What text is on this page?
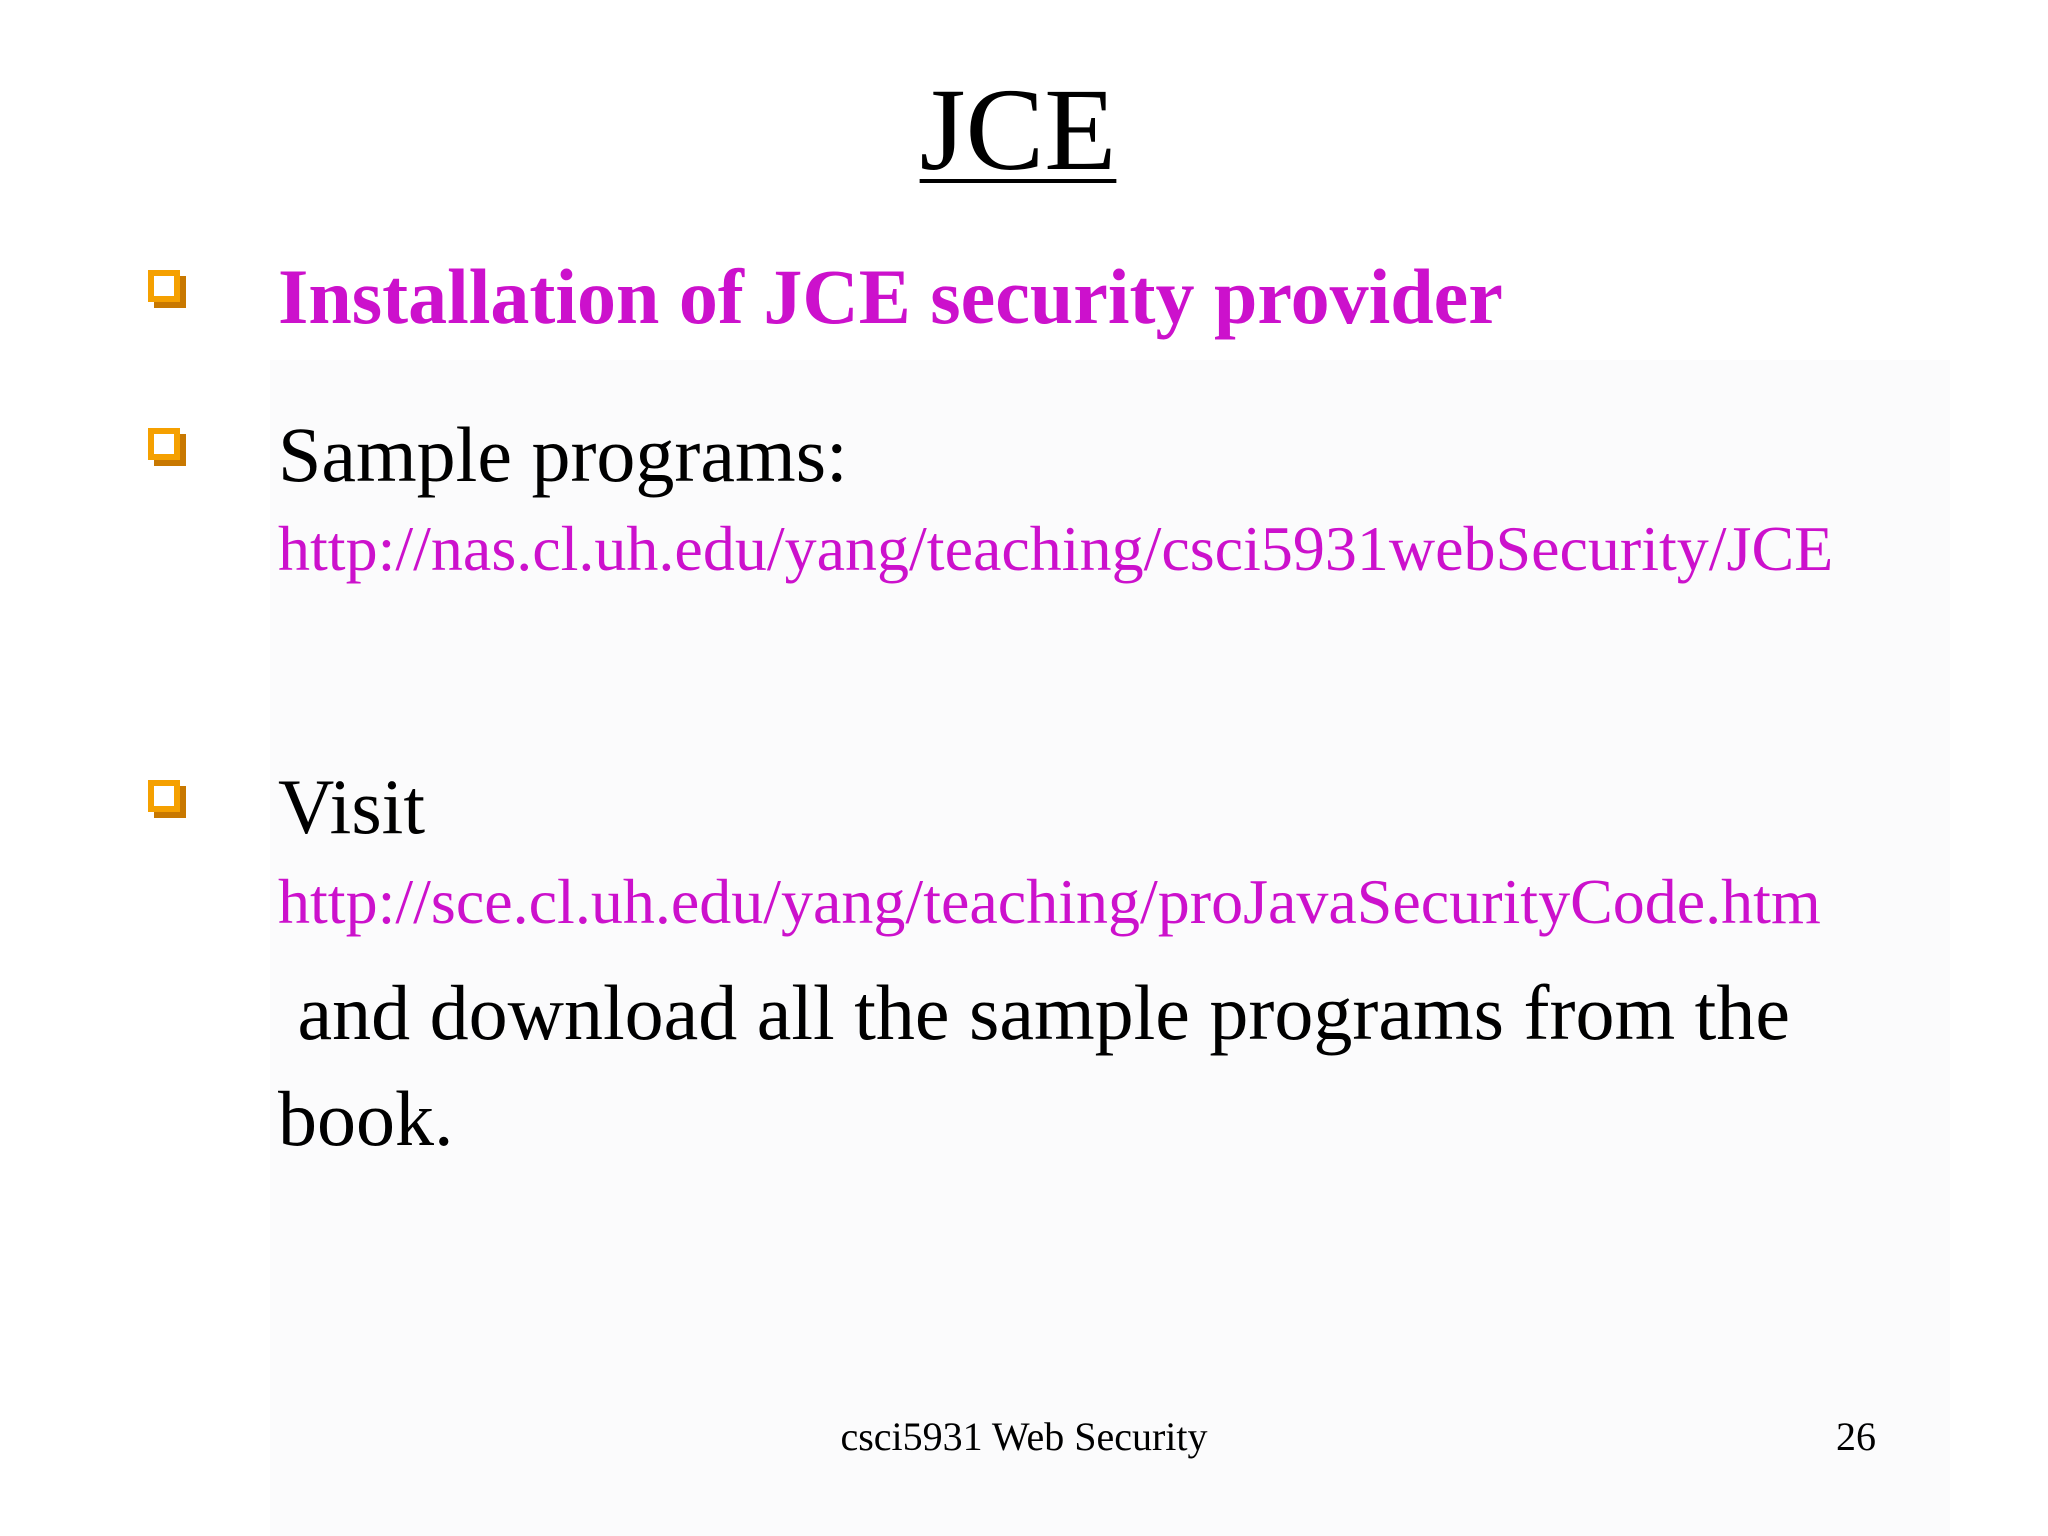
JCE
Installation of JCE security provider
Sample programs:
http://nas.cl.uh.edu/yang/teaching/csci5931webSecurity/JCE
Visit
http://sce.cl.uh.edu/yang/teaching/proJavaSecurityCode.htm
and download all the sample programs from the book.
csci5931 Web Security	26
